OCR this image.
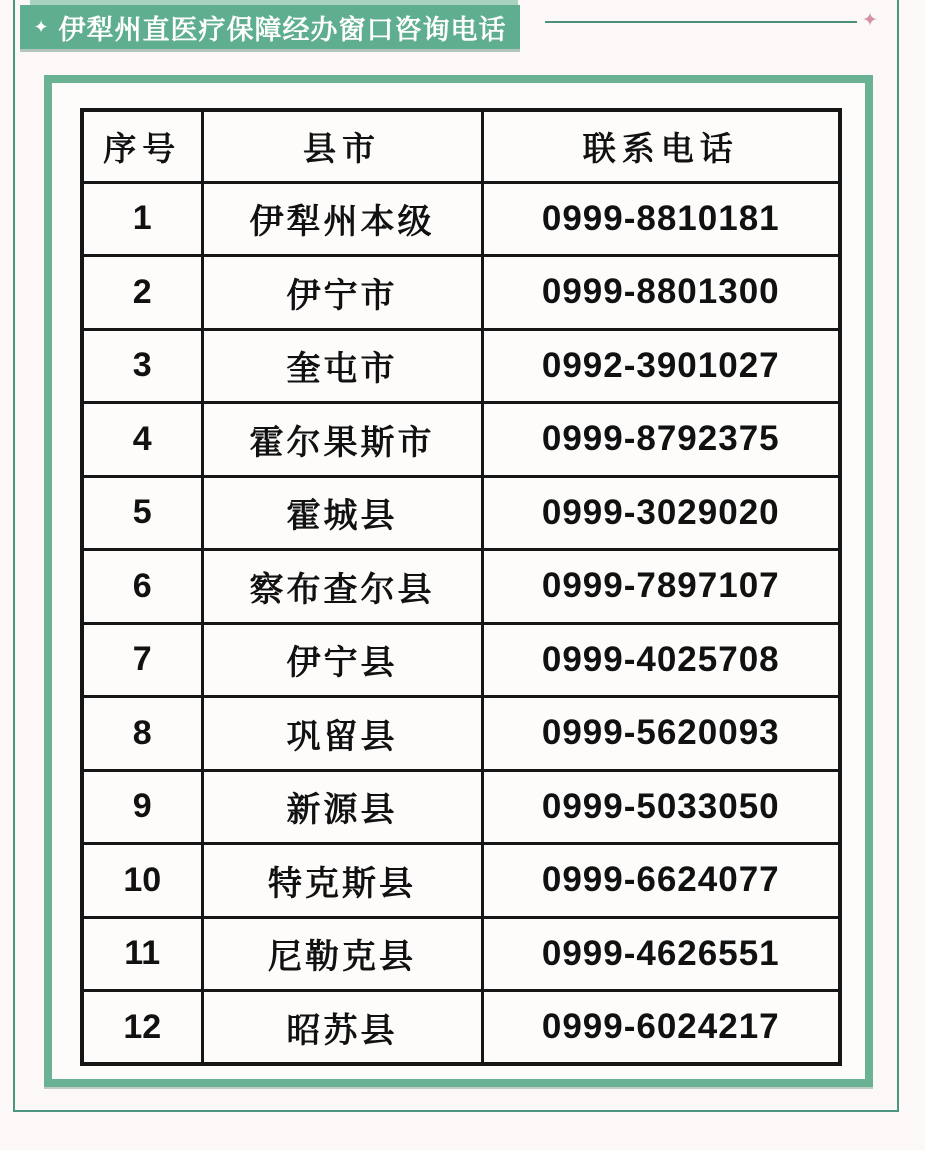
✦ 伊犁州直医疗保障经办窗口咨询电话	✦
序号	县市	联系电话
1	伊犁州本级	0999-8810181
2	伊宁市	0999-8801300
3	奎屯市	0992-3901027
4	霍尔果斯市	0999-8792375
5	霍城县	0999-3029020
6	察布查尔县	0999-7897107
7	伊宁县	0999-4025708
8	巩留县	0999-5620093
9	新源县	0999-5033050
10	特克斯县	0999-6624077
11	尼勒克县	0999-4626551
12	昭苏县	0999-6024217
